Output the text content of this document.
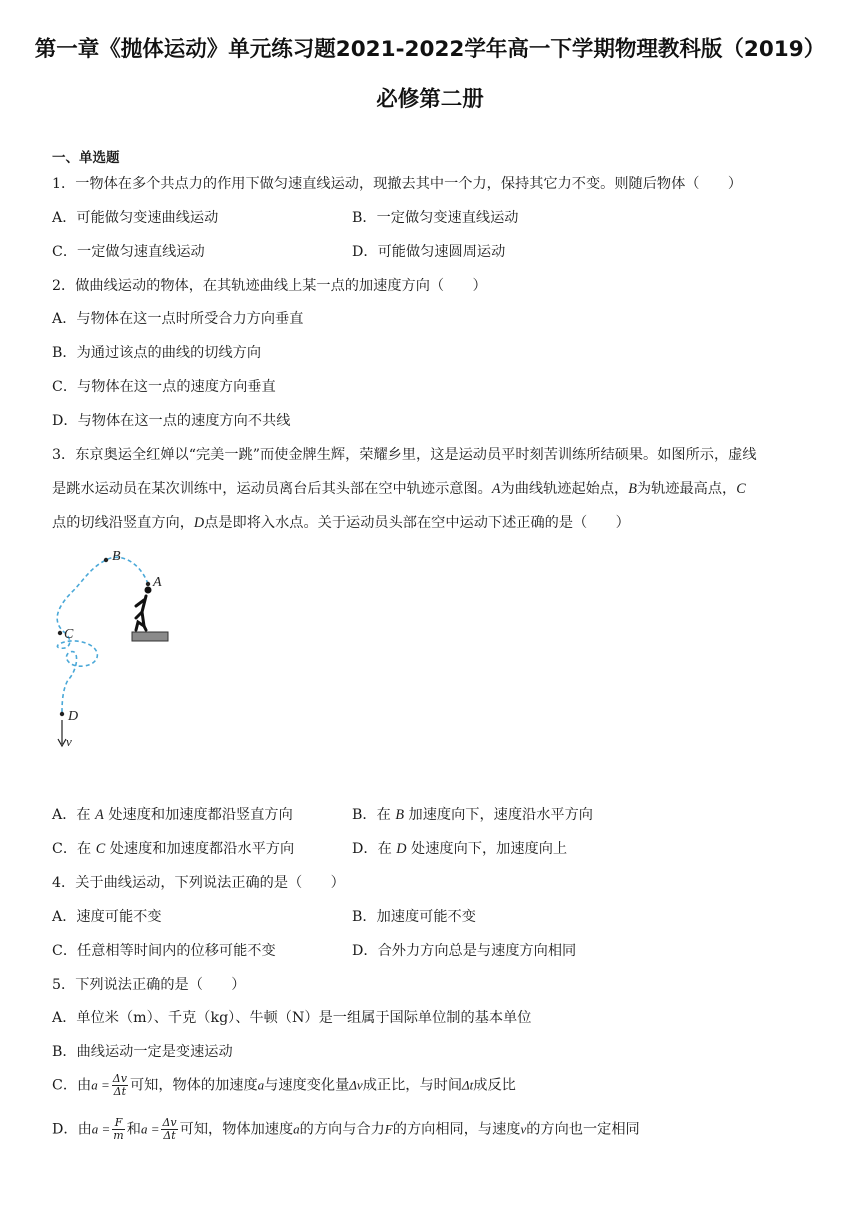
第一章《抛体运动》单元练习题2021-2022学年高一下学期物理教科版（2019）
必修第二册
一、单选题
1．一物体在多个共点力的作用下做匀速直线运动，现撤去其中一个力，保持其它力不变。则随后物体（　　）
A．可能做匀变速曲线运动	B．一定做匀变速直线运动
C．一定做匀速直线运动	D．可能做匀速圆周运动
2．做曲线运动的物体，在其轨迹曲线上某一点的加速度方向（　　）
A．与物体在这一点时所受合力方向垂直
B．为通过该点的曲线的切线方向
C．与物体在这一点的速度方向垂直
D．与物体在这一点的速度方向不共线
3．东京奥运全红婵以“完美一跳”而使金牌生辉，荣耀乡里，这是运动员平时刻苦训练所结硕果。如图所示，虚线
是跳水运动员在某次训练中，运动员离台后其头部在空中轨迹示意图。A为曲线轨迹起始点，B为轨迹最高点，C
点的切线沿竖直方向，D点是即将入水点。关于运动员头部在空中运动下述正确的是（　　）
B
A
C
D
v
A．在 A 处速度和加速度都沿竖直方向	B．在 B 加速度向下，速度沿水平方向
C．在 C 处速度和加速度都沿水平方向	D．在 D 处速度向下，加速度向上
4．关于曲线运动，下列说法正确的是（　　）
A．速度可能不变	B．加速度可能不变
C．任意相等时间内的位移可能不变	D．合外力方向总是与速度方向相同
5．下列说法正确的是（　　）
A．单位米（m）、千克（kg）、牛顿（N）是一组属于国际单位制的基本单位
B．曲线运动一定是变速运动
C．由$a = \frac{\Delta v}{\Delta t}$ 可知，物体的加速度a与速度变化量Δv成正比，与时间Δt成反比
D．由$a = \frac{F}{m}$ 和$a = \frac{\Delta v}{\Delta t}$ 可知，物体加速度a的方向与合力F的方向相同，与速度v的方向也一定相同
